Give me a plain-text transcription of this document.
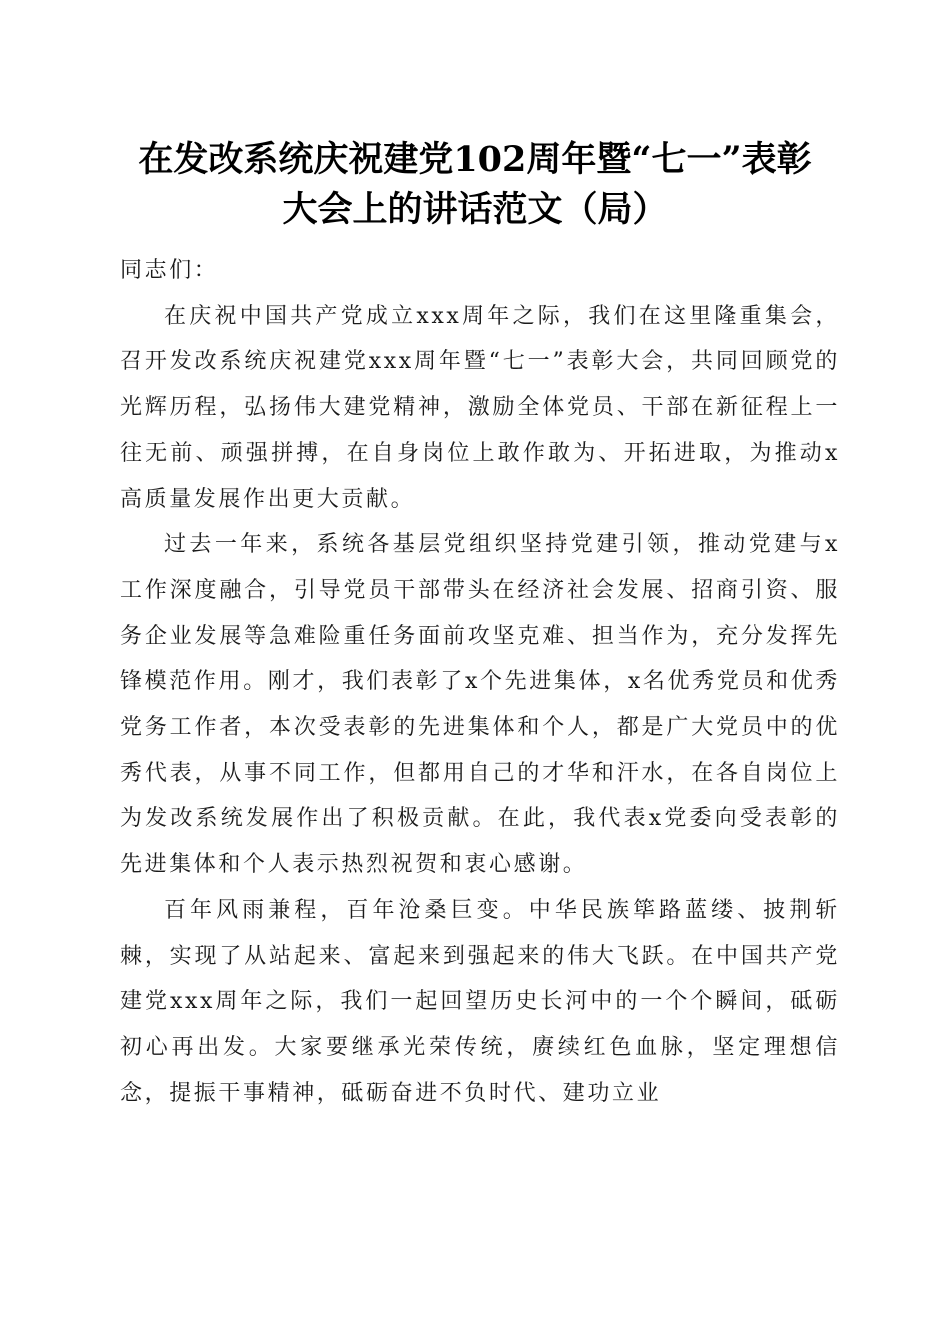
在发改系统庆祝建党102周年暨“七一”表彰
大会上的讲话范文（局）

同志们：

在庆祝中国共产党成立xxx周年之际，我们在这里隆重集会，召开发改系统庆祝建党xxx周年暨“七一”表彰大会，共同回顾党的光辉历程，弘扬伟大建党精神，激励全体党员、干部在新征程上一往无前、顽强拼搏，在自身岗位上敢作敢为、开拓进取，为推动x高质量发展作出更大贡献。

过去一年来，系统各基层党组织坚持党建引领，推动党建与x工作深度融合，引导党员干部带头在经济社会发展、招商引资、服务企业发展等急难险重任务面前攻坚克难、担当作为，充分发挥先锋模范作用。刚才，我们表彰了x个先进集体，x名优秀党员和优秀党务工作者，本次受表彰的先进集体和个人，都是广大党员中的优秀代表，从事不同工作，但都用自己的才华和汗水，在各自岗位上为发改系统发展作出了积极贡献。在此，我代表x党委向受表彰的先进集体和个人表示热烈祝贺和衷心感谢。

百年风雨兼程，百年沧桑巨变。中华民族筚路蓝缕、披荆斩棘，实现了从站起来、富起来到强起来的伟大飞跃。在中国共产党建党xxx周年之际，我们一起回望历史长河中的一个个瞬间，砥砺初心再出发。大家要继承光荣传统，赓续红色血脉，坚定理想信念，提振干事精神，砥砺奋进不负时代、建功立业
